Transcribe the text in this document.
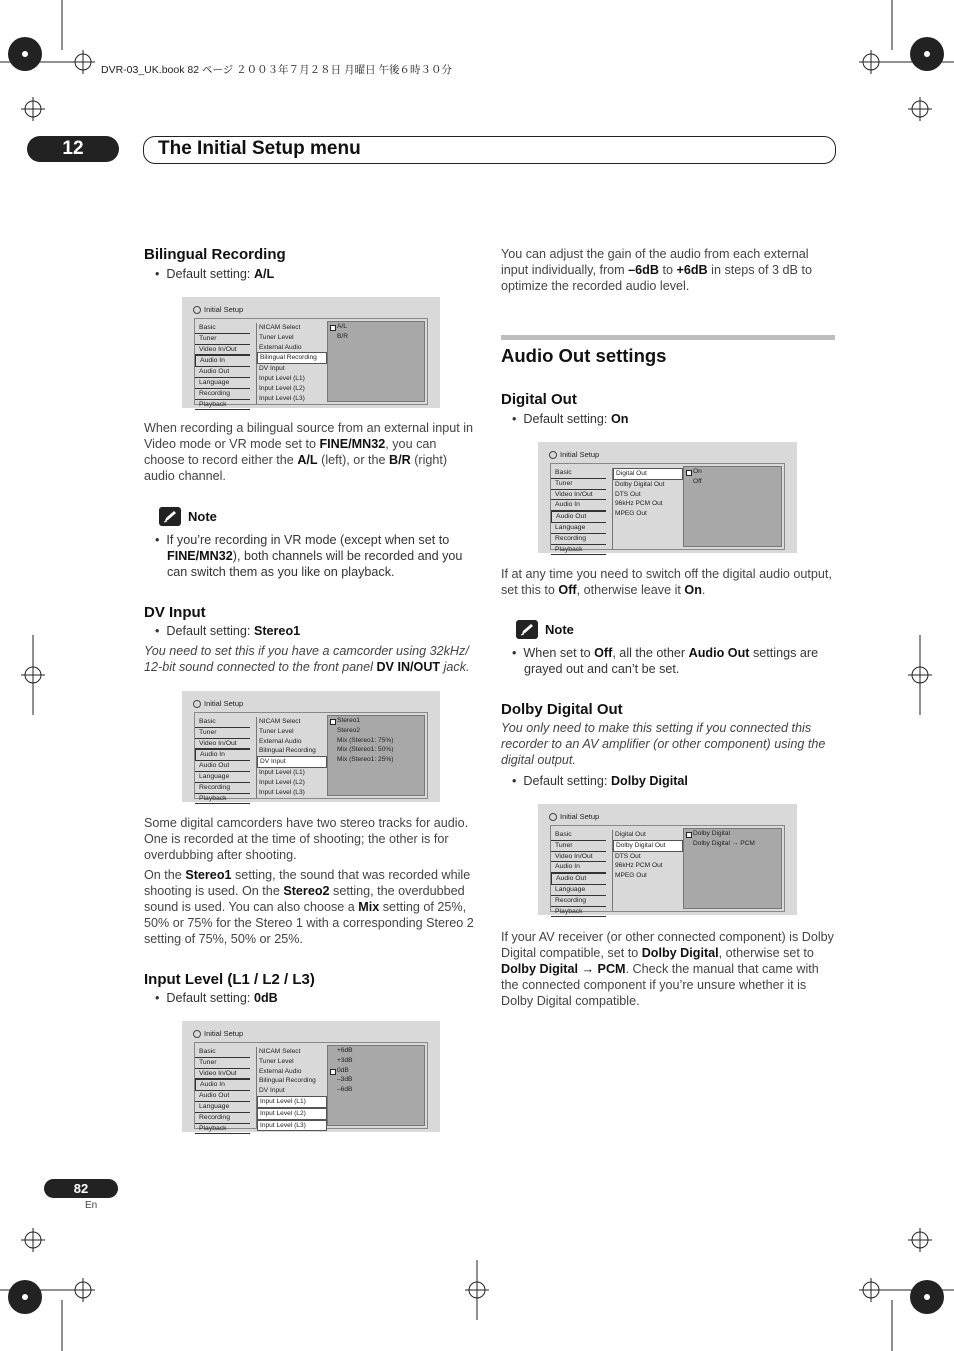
DVR-03_UK.book 82 ページ ２００３年７月２８日 月曜日 午後６時３０分
12	The Initial Setup menu
Bilingual Recording
•  Default setting: A/L
Initial Setup
Basic
Tuner
Video In/Out
Audio In
Audio Out
Language
Recording
Playback
NICAM Select
Tuner Level
External Audio
Bilingual Recording
DV Input
Input Level (L1)
Input Level (L2)
Input Level (L3)
A/L
B/R
When recording a bilingual source from an external input in Video mode or VR mode set to FINE/MN32, you can choose to record either the A/L (left), or the B/R (right) audio channel.
Note
•  If you’re recording in VR mode (except when set to FINE/MN32), both channels will be recorded and you can switch them as you like on playback.
DV Input
•  Default setting: Stereo1
You need to set this if you have a camcorder using 32kHz/ 12-bit sound connected to the front panel DV IN/OUT jack.
Initial Setup
Basic
Tuner
Video In/Out
Audio In
Audio Out
Language
Recording
Playback
NICAM Select
Tuner Level
External Audio
Bilingual Recording
DV Input
Input Level (L1)
Input Level (L2)
Input Level (L3)
Stereo1
Stereo2
Mix (Stereo1: 75%)
Mix (Stereo1: 50%)
Mix (Stereo1: 25%)
Some digital camcorders have two stereo tracks for audio. One is recorded at the time of shooting; the other is for overdubbing after shooting.
On the Stereo1 setting, the sound that was recorded while shooting is used. On the Stereo2 setting, the overdubbed sound is used. You can also choose a Mix setting of 25%, 50% or 75% for the Stereo 1 with a corresponding Stereo 2 setting of 75%, 50% or 25%.
Input Level (L1 / L2 / L3)
•  Default setting: 0dB
Initial Setup
Basic
Tuner
Video In/Out
Audio In
Audio Out
Language
Recording
Playback
NICAM Select
Tuner Level
External Audio
Bilingual Recording
DV Input
Input Level (L1)
Input Level (L2)
Input Level (L3)
+6dB
+3dB
0dB
–3dB
–6dB
You can adjust the gain of the audio from each external input individually, from –6dB to +6dB in steps of 3 dB to optimize the recorded audio level.
Audio Out settings
Digital Out
•  Default setting: On
Initial Setup
Basic
Tuner
Video In/Out
Audio In
Audio Out
Language
Recording
Playback
Digital Out
Dolby Digital Out
DTS Out
96kHz PCM Out
MPEG Out
On
Off
If at any time you need to switch off the digital audio output, set this to Off, otherwise leave it On.
Note
•  When set to Off, all the other Audio Out settings are grayed out and can’t be set.
Dolby Digital Out
You only need to make this setting if you connected this recorder to an AV amplifier (or other component) using the digital output.
•  Default setting: Dolby Digital
Initial Setup
Basic
Tuner
Video In/Out
Audio In
Audio Out
Language
Recording
Playback
Digital Out
Dolby Digital Out
DTS Out
96kHz PCM Out
MPEG Out
Dolby Digital
Dolby Digital → PCM
If your AV receiver (or other connected component) is Dolby Digital compatible, set to Dolby Digital, otherwise set to Dolby Digital → PCM. Check the manual that came with the connected component if you’re unsure whether it is Dolby Digital compatible.
82
En
